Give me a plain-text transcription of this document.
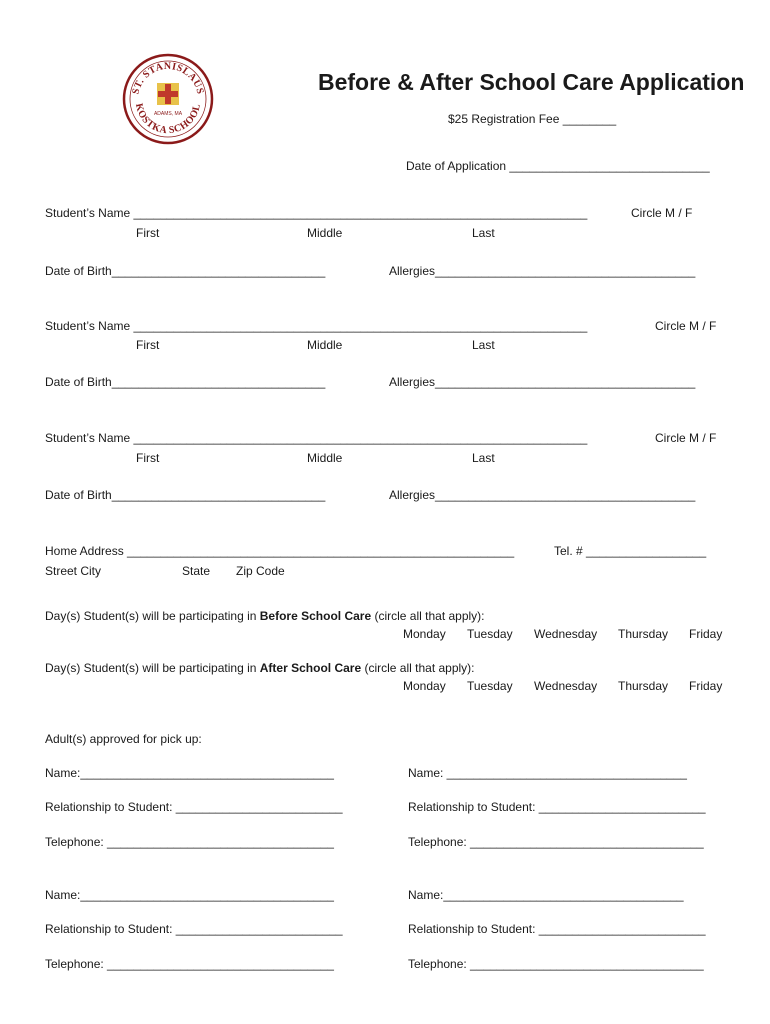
ST. STANISLAUS
KOSTKA SCHOOL
ADAMS, MA
Before & After School Care Application
$25 Registration Fee ________
Date of Application ______________________________
Student’s Name ____________________________________________________________________	Circle M / F
First	Middle	Last
Date of Birth________________________________	Allergies_______________________________________
Student’s Name ____________________________________________________________________	Circle M / F
First	Middle	Last
Date of Birth________________________________	Allergies_______________________________________
Student’s Name ____________________________________________________________________	Circle M / F
First	Middle	Last
Date of Birth________________________________	Allergies_______________________________________
Home Address __________________________________________________________	Tel. # __________________
Street City	State Zip Code
Day(s) Student(s) will be participating in Before School Care (circle all that apply):
Monday Tuesday Wednesday Thursday Friday
Day(s) Student(s) will be participating in After School Care (circle all that apply):
Monday Tuesday Wednesday Thursday Friday
Adult(s) approved for pick up:
Name:______________________________________	Name: ____________________________________
Relationship to Student: _________________________	Relationship to Student: _________________________
Telephone: __________________________________	Telephone: ___________________________________
Name:______________________________________	Name:____________________________________
Relationship to Student: _________________________	Relationship to Student: _________________________
Telephone: __________________________________	Telephone: ___________________________________
